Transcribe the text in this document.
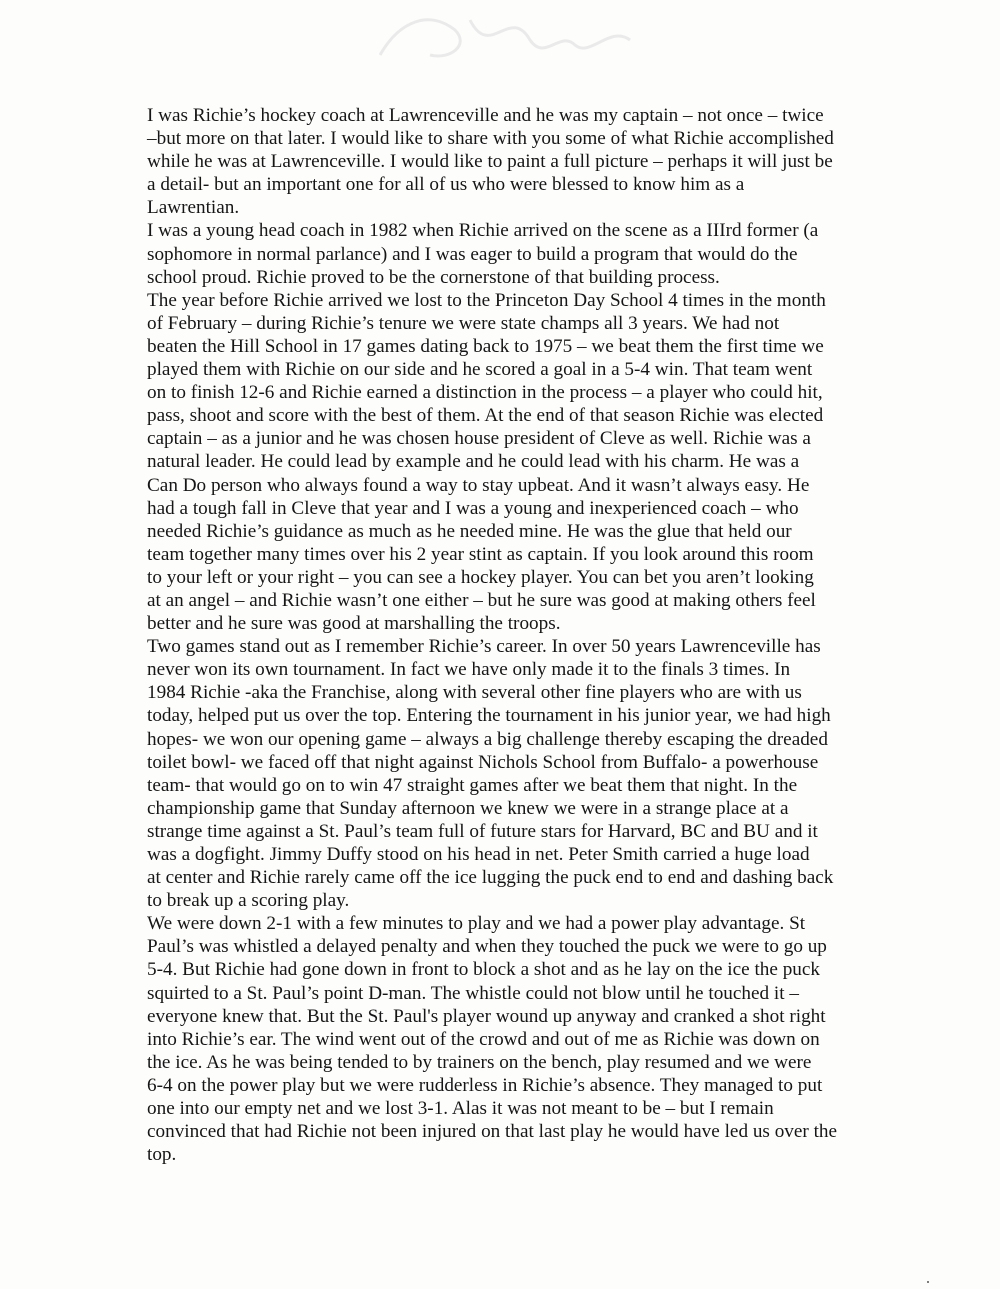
I was Richie’s hockey coach at Lawrenceville and he was my captain – not once – twice
–but more on that later. I would like to share with you some of what Richie accomplished
while he was at Lawrenceville. I would like to paint a full picture – perhaps it will just be
a detail- but an important one for all of us who were blessed to know him as a
Lawrentian.
I was a young head coach in 1982 when Richie arrived on the scene as a IIIrd former (a
sophomore in normal parlance) and I was eager to build a program that would do the
school proud. Richie proved to be the cornerstone of that building process.
The year before Richie arrived we lost to the Princeton Day School 4 times in the month
of February – during Richie’s tenure we were state champs all 3 years. We had not
beaten the Hill School in 17 games dating back to 1975 – we beat them the first time we
played them with Richie on our side and he scored a goal in a 5-4 win. That team went
on to finish 12-6 and Richie earned a distinction in the process – a player who could hit,
pass, shoot and score with the best of them. At the end of that season Richie was elected
captain – as a junior and he was chosen house president of Cleve as well. Richie was a
natural leader. He could lead by example and he could lead with his charm. He was a
Can Do person who always found a way to stay upbeat. And it wasn’t always easy. He
had a tough fall in Cleve that year and I was a young and inexperienced coach – who
needed Richie’s guidance as much as he needed mine. He was the glue that held our
team together many times over his 2 year stint as captain. If you look around this room
to your left or your right – you can see a hockey player. You can bet you aren’t looking
at an angel – and Richie wasn’t one either – but he sure was good at making others feel
better and he sure was good at marshalling the troops.
Two games stand out as I remember Richie’s career. In over 50 years Lawrenceville has
never won its own tournament. In fact we have only made it to the finals 3 times. In
1984 Richie -aka the Franchise, along with several other fine players who are with us
today, helped put us over the top. Entering the tournament in his junior year, we had high
hopes- we won our opening game – always a big challenge thereby escaping the dreaded
toilet bowl- we faced off that night against Nichols School from Buffalo- a powerhouse
team- that would go on to win 47 straight games after we beat them that night. In the
championship game that Sunday afternoon we knew we were in a strange place at a
strange time against a St. Paul’s team full of future stars for Harvard, BC and BU and it
was a dogfight. Jimmy Duffy stood on his head in net. Peter Smith carried a huge load
at center and Richie rarely came off the ice lugging the puck end to end and dashing back
to break up a scoring play.
We were down 2-1 with a few minutes to play and we had a power play advantage. St
Paul’s was whistled a delayed penalty and when they touched the puck we were to go up
5-4. But Richie had gone down in front to block a shot and as he lay on the ice the puck
squirted to a St. Paul’s point D-man. The whistle could not blow until he touched it –
everyone knew that. But the St. Paul's player wound up anyway and cranked a shot right
into Richie’s ear. The wind went out of the crowd and out of me as Richie was down on
the ice. As he was being tended to by trainers on the bench, play resumed and we were
6-4 on the power play but we were rudderless in Richie’s absence. They managed to put
one into our empty net and we lost 3-1. Alas it was not meant to be – but I remain
convinced that had Richie not been injured on that last play he would have led us over the
top.
